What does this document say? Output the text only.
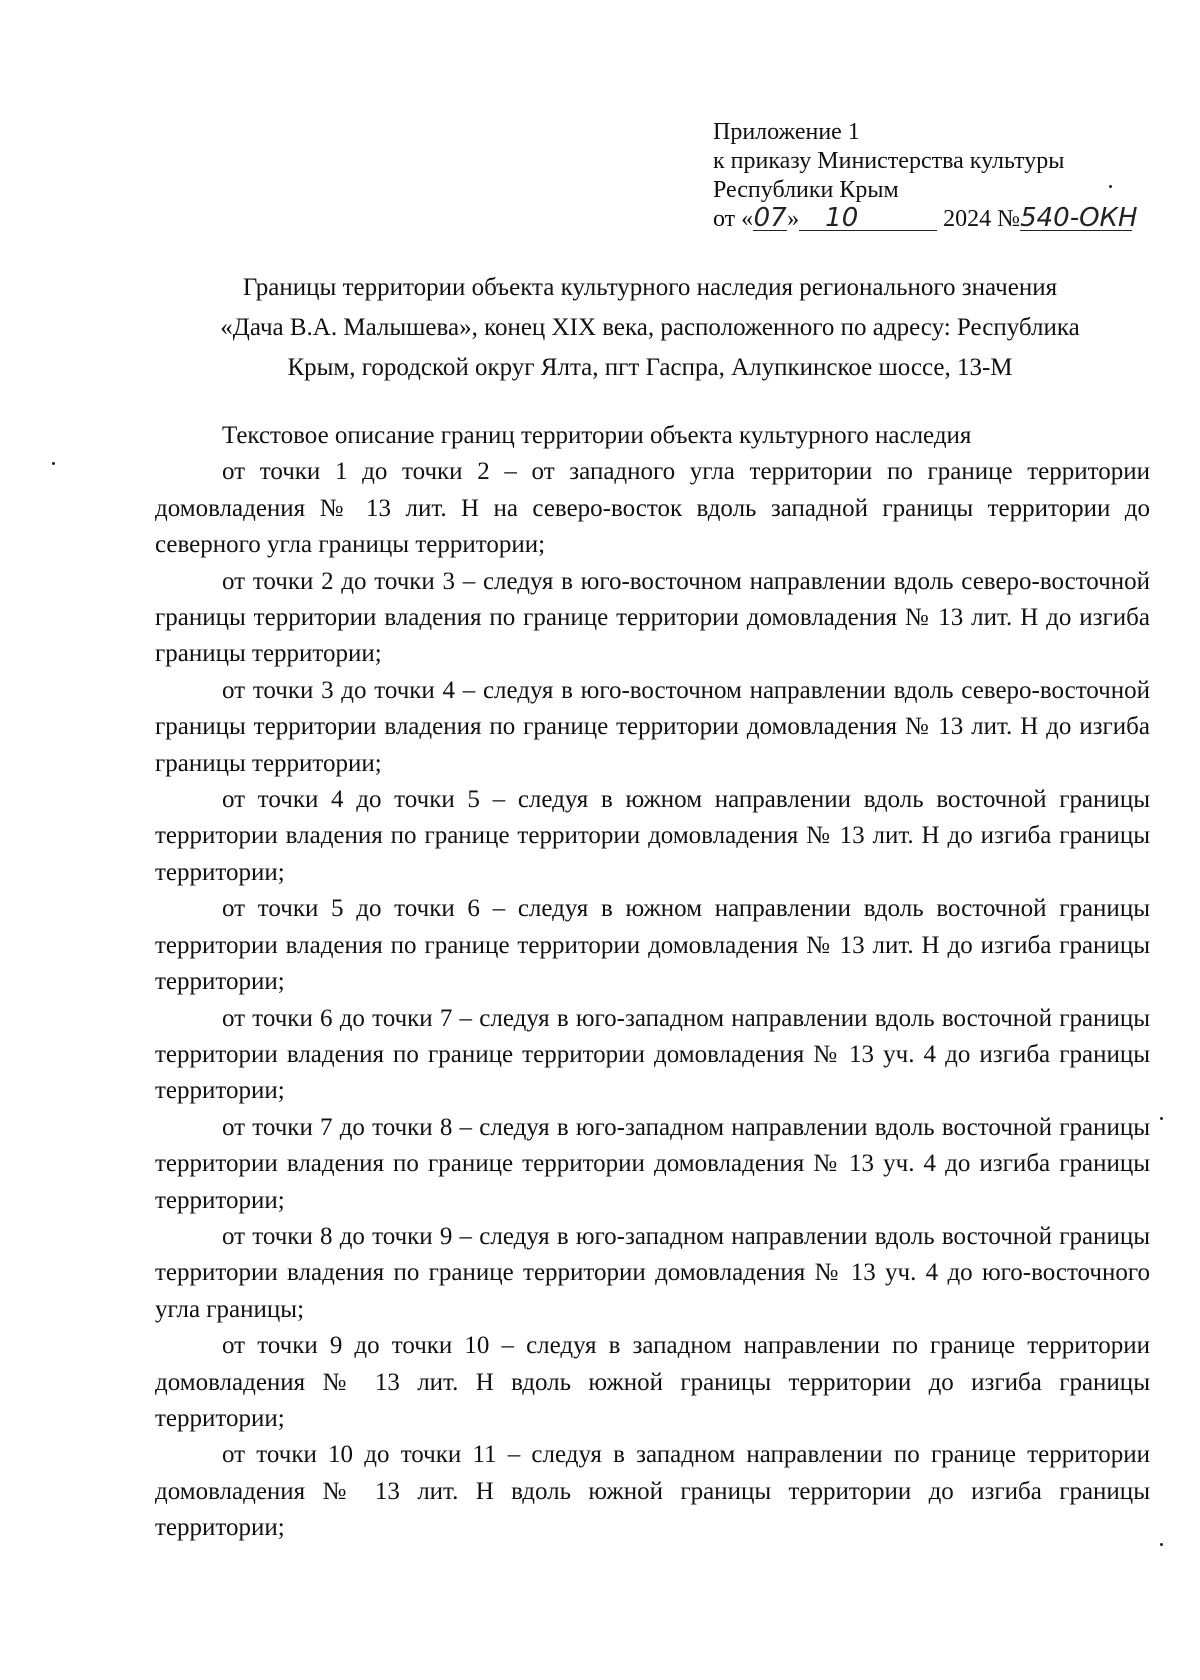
Приложение 1
к приказу Министерства культуры
Республики Крым
от «07» 10	2024 №540-ОКН
Границы территории объекта культурного наследия регионального значения
«Дача В.А. Малышева», конец XIX века, расположенного по адресу: Республика
Крым, городской округ Ялта, пгт Гаспра, Алупкинское шоссе, 13-М

Текстовое описание границ территории объекта культурного наследия

от точки 1 до точки 2 – от западного угла территории по границе территории домовладения № 13 лит. Н на северо-восток вдоль западной границы территории до северного угла границы территории;

от точки 2 до точки 3 – следуя в юго-восточном направлении вдоль северо-восточной границы территории владения по границе территории домовладения № 13 лит. Н до изгиба границы территории;

от точки 3 до точки 4 – следуя в юго-восточном направлении вдоль северо-восточной границы территории владения по границе территории домовладения № 13 лит. Н до изгиба границы территории;

от точки 4 до точки 5 – следуя в южном направлении вдоль восточной границы территории владения по границе территории домовладения № 13 лит. Н до изгиба границы территории;

от точки 5 до точки 6 – следуя в южном направлении вдоль восточной границы территории владения по границе территории домовладения № 13 лит. Н до изгиба границы территории;

от точки 6 до точки 7 – следуя в юго-западном направлении вдоль восточной границы территории владения по границе территории домовладения № 13 уч. 4 до изгиба границы территории;

от точки 7 до точки 8 – следуя в юго-западном направлении вдоль восточной границы территории владения по границе территории домовладения № 13 уч. 4 до изгиба границы территории;

от точки 8 до точки 9 – следуя в юго-западном направлении вдоль восточной границы территории владения по границе территории домовладения № 13 уч. 4 до юго-восточного угла границы;

от точки 9 до точки 10 – следуя в западном направлении по границе территории домовладения № 13 лит. Н вдоль южной границы территории до изгиба границы территории;

от точки 10 до точки 11 – следуя в западном направлении по границе территории домовладения № 13 лит. Н вдоль южной границы территории до изгиба границы территории;
